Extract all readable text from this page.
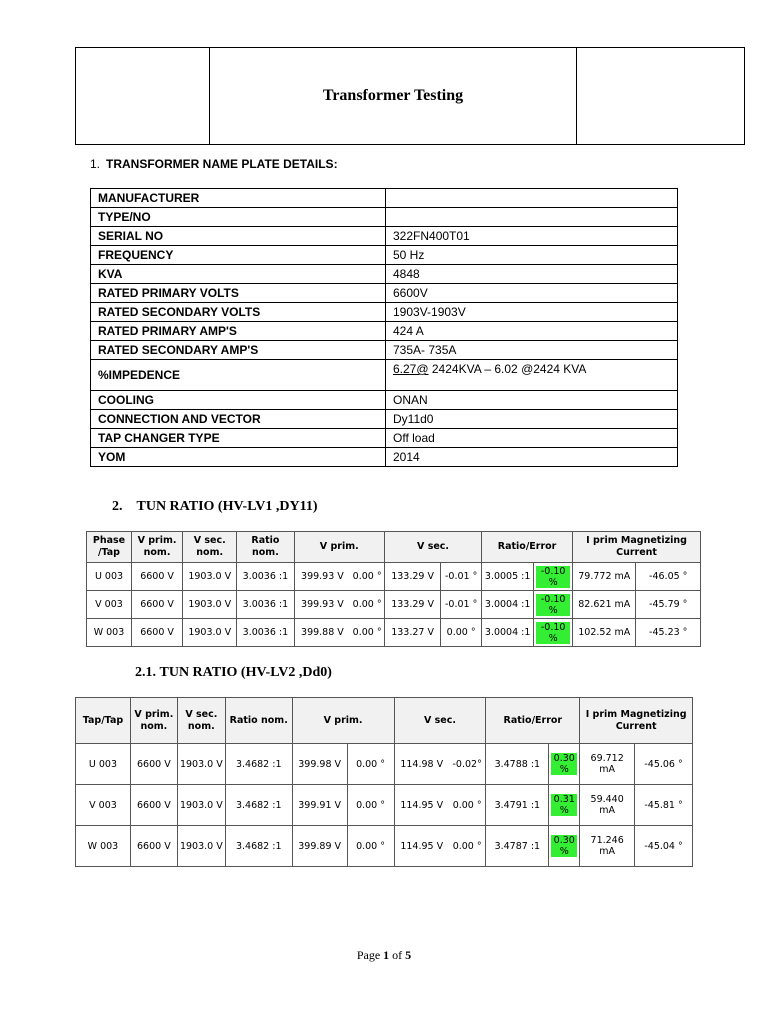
	Transformer Testing	
1. TRANSFORMER NAME PLATE DETAILS:
MANUFACTURER	
TYPE/NO	
SERIAL NO	322FN400T01
FREQUENCY	50 Hz
KVA	4848
RATED PRIMARY VOLTS	6600V
RATED SECONDARY VOLTS	1903V-1903V
RATED PRIMARY AMP'S	424 A
RATED SECONDARY AMP'S	735A- 735A
%IMPEDENCE	6.27@ 2424KVA – 6.02 @2424 KVA
COOLING	ONAN
CONNECTION AND VECTOR	Dy11d0
TAP CHANGER TYPE	Off load
YOM	2014
2.    TUN RATIO (HV-LV1 ,DY11)
Phase /Tap	V prim. nom.	V sec. nom.	Ratio nom.	V prim.		V sec.		Ratio/Error		I prim Magnetizing Current	
U 003	6600 V	1903.0 V	3.0036 :1	399.93 V	0.00 °	133.29 V	-0.01 °	3.0005 :1	-0.10 %	79.772 mA	-46.05 °
V 003	6600 V	1903.0 V	3.0036 :1	399.93 V	0.00 °	133.29 V	-0.01 °	3.0004 :1	-0.10 %	82.621 mA	-45.79 °
W 003	6600 V	1903.0 V	3.0036 :1	399.88 V	0.00 °	133.27 V	0.00 °	3.0004 :1	-0.10 %	102.52 mA	-45.23 °
2.1. TUN RATIO (HV-LV2 ,Dd0)
Tap/Tap	V prim. nom.	V sec. nom.	Ratio nom.	V prim.		V sec.		Ratio/Error		I prim Magnetizing Current	
U 003	6600 V	1903.0 V	3.4682 :1	399.98 V	0.00 °	114.98 V	-0.02°	3.4788 :1	0.30 %	69.712 mA	-45.06 °
V 003	6600 V	1903.0 V	3.4682 :1	399.91 V	0.00 °	114.95 V	0.00 °	3.4791 :1	0.31 %	59.440 mA	-45.81 °
W 003	6600 V	1903.0 V	3.4682 :1	399.89 V	0.00 °	114.95 V	0.00 °	3.4787 :1	0.30 %	71.246 mA	-45.04 °
Page 1 of 5
